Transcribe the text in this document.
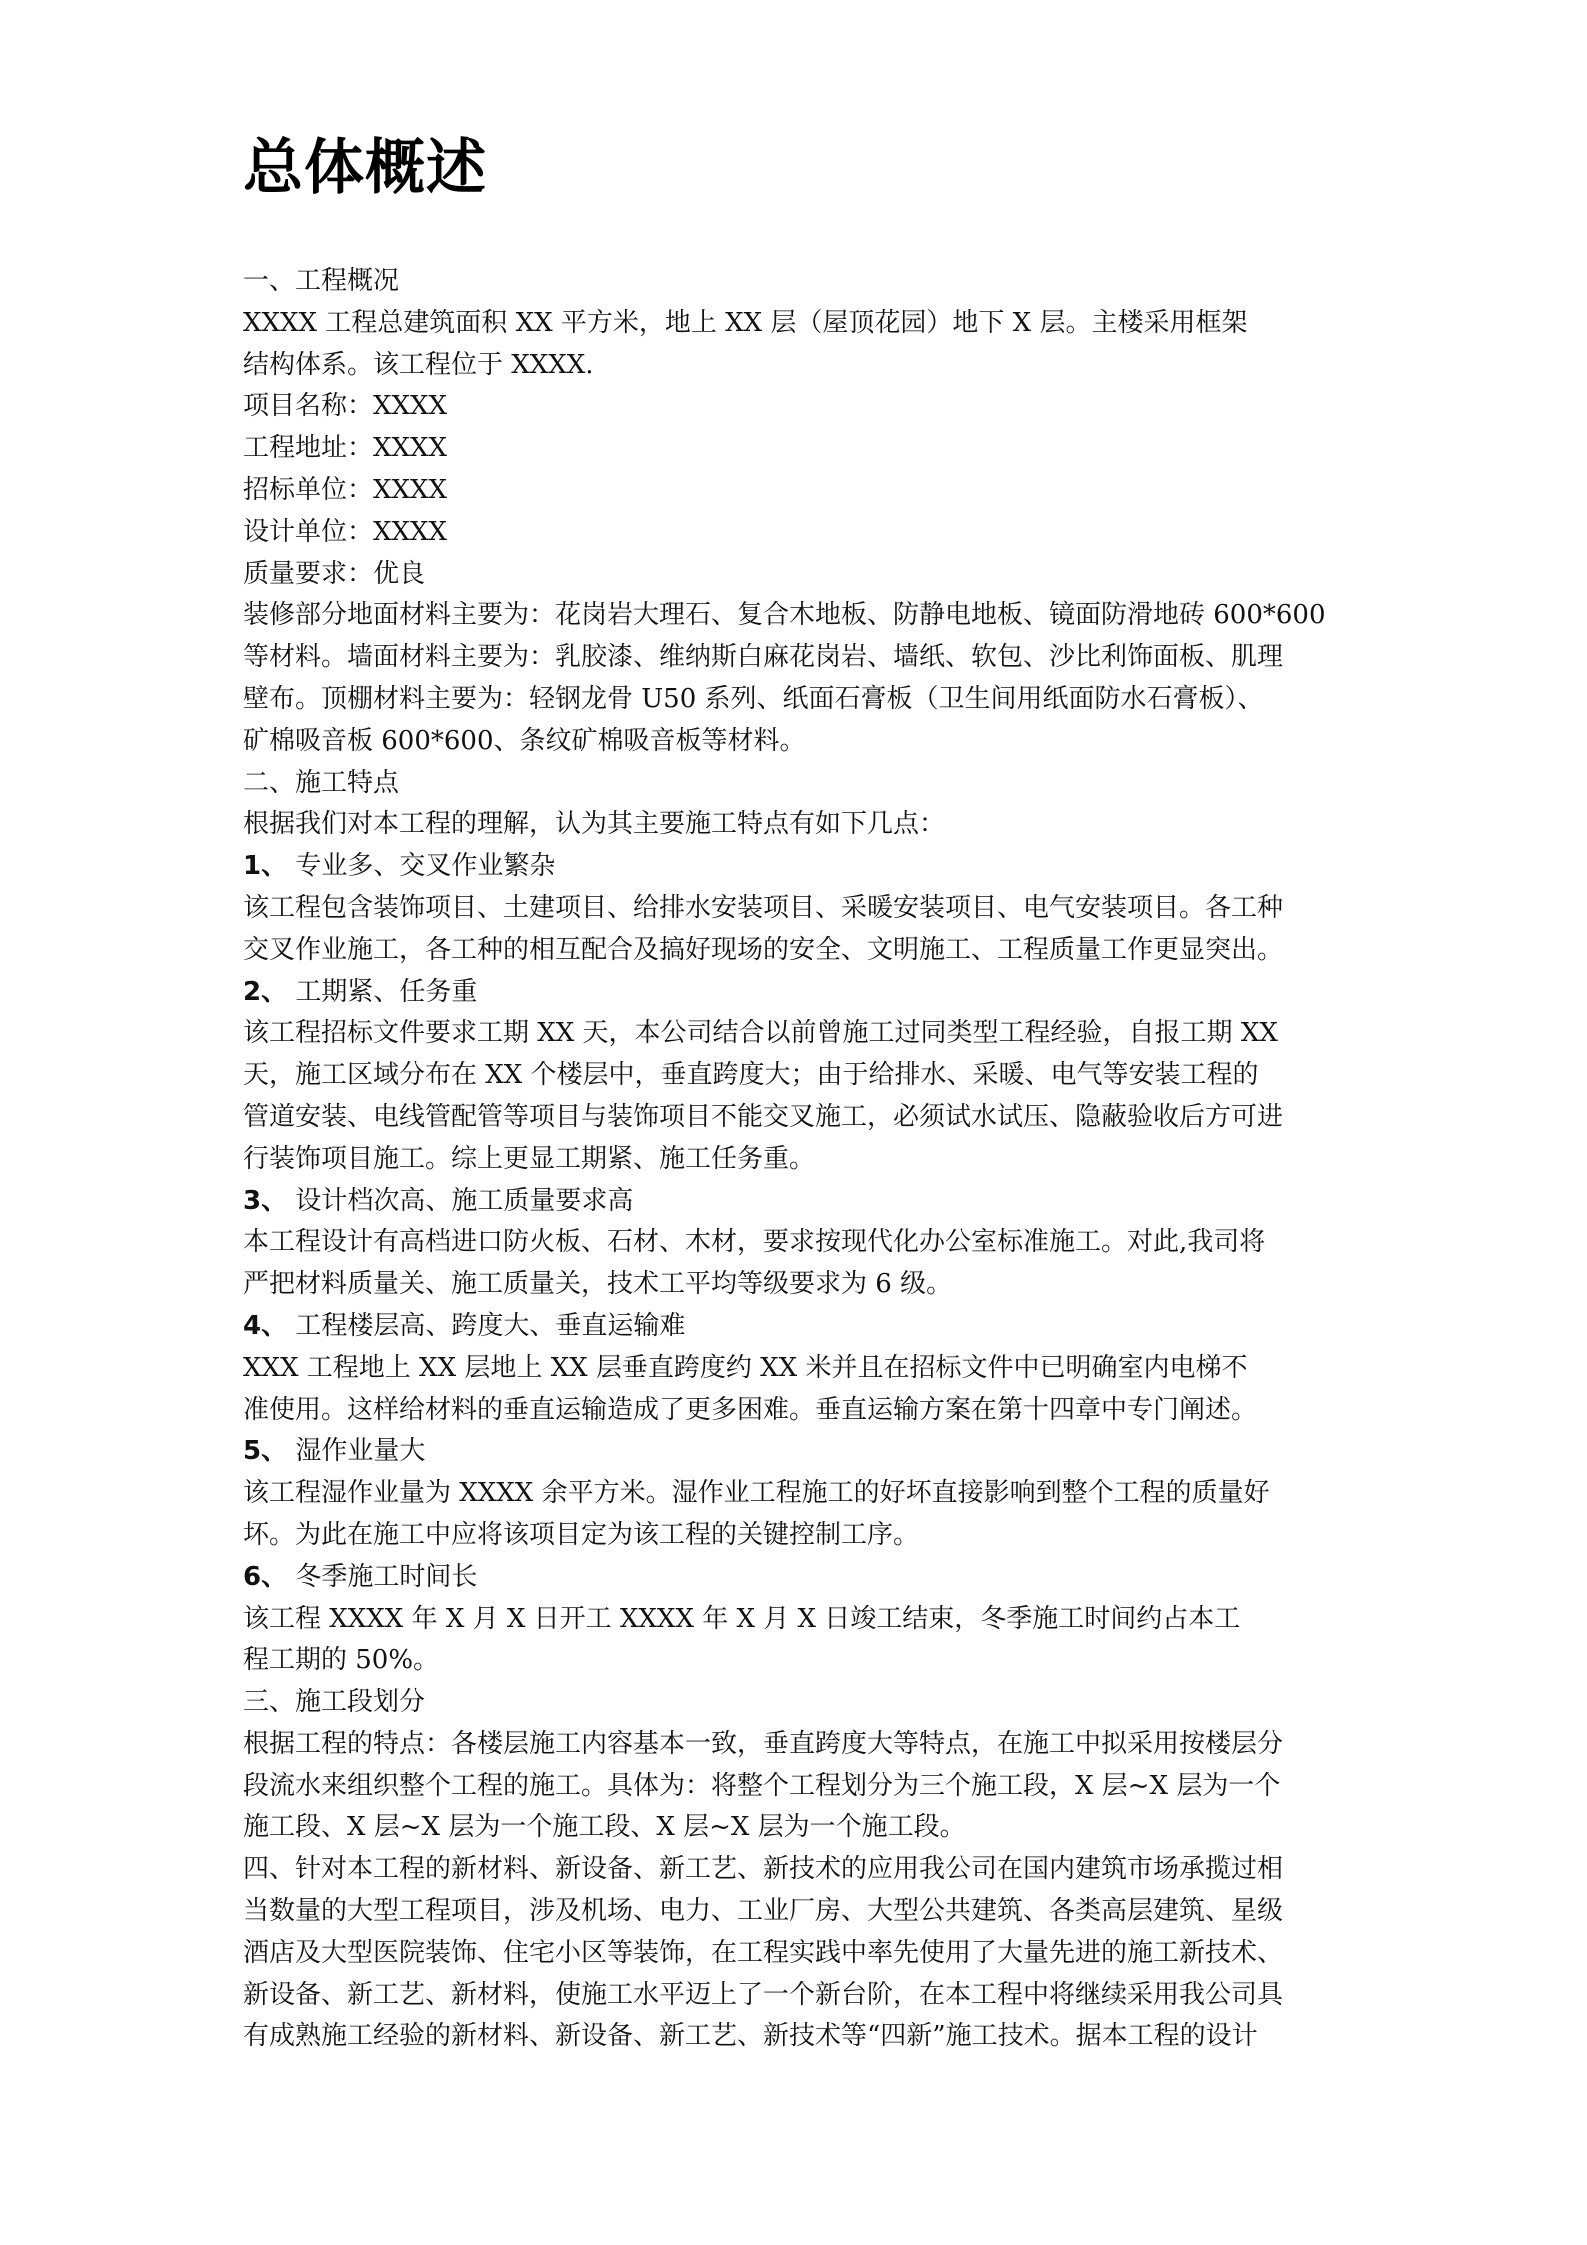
总体概述
一、工程概况
XXXX 工程总建筑面积 XX 平方米，地上 XX 层（屋顶花园）地下 X 层。主楼采用框架
结构体系。该工程位于 XXXX.
项目名称：XXXX
工程地址：XXXX
招标单位：XXXX
设计单位：XXXX
质量要求：优良
装修部分地面材料主要为：花岗岩大理石、复合木地板、防静电地板、镜面防滑地砖 600*600
等材料。墙面材料主要为：乳胶漆、维纳斯白麻花岗岩、墙纸、软包、沙比利饰面板、肌理
壁布。顶棚材料主要为：轻钢龙骨 U50 系列、纸面石膏板（卫生间用纸面防水石膏板）、
矿棉吸音板 600*600、条纹矿棉吸音板等材料。
二、施工特点
根据我们对本工程的理解，认为其主要施工特点有如下几点：
1、 专业多、交叉作业繁杂
该工程包含装饰项目、土建项目、给排水安装项目、采暖安装项目、电气安装项目。各工种
交叉作业施工，各工种的相互配合及搞好现场的安全、文明施工、工程质量工作更显突出。
2、 工期紧、任务重
该工程招标文件要求工期 XX 天，本公司结合以前曾施工过同类型工程经验，自报工期 XX
天，施工区域分布在 XX 个楼层中，垂直跨度大；由于给排水、采暖、电气等安装工程的
管道安装、电线管配管等项目与装饰项目不能交叉施工，必须试水试压、隐蔽验收后方可进
行装饰项目施工。综上更显工期紧、施工任务重。
3、 设计档次高、施工质量要求高
本工程设计有高档进口防火板、石材、木材，要求按现代化办公室标准施工。对此,我司将
严把材料质量关、施工质量关，技术工平均等级要求为 6 级。
4、 工程楼层高、跨度大、垂直运输难
XXX 工程地上 XX 层地上 XX 层垂直跨度约 XX 米并且在招标文件中已明确室内电梯不
准使用。这样给材料的垂直运输造成了更多困难。垂直运输方案在第十四章中专门阐述。
5、 湿作业量大
该工程湿作业量为 XXXX 余平方米。湿作业工程施工的好坏直接影响到整个工程的质量好
坏。为此在施工中应将该项目定为该工程的关键控制工序。
6、 冬季施工时间长
该工程 XXXX 年 X 月 X 日开工 XXXX 年 X 月 X 日竣工结束，冬季施工时间约占本工
程工期的 50%。
三、施工段划分
根据工程的特点：各楼层施工内容基本一致，垂直跨度大等特点，在施工中拟采用按楼层分
段流水来组织整个工程的施工。具体为：将整个工程划分为三个施工段，X 层~X 层为一个
施工段、X 层~X 层为一个施工段、X 层~X 层为一个施工段。
四、针对本工程的新材料、新设备、新工艺、新技术的应用我公司在国内建筑市场承揽过相
当数量的大型工程项目，涉及机场、电力、工业厂房、大型公共建筑、各类高层建筑、星级
酒店及大型医院装饰、住宅小区等装饰，在工程实践中率先使用了大量先进的施工新技术、
新设备、新工艺、新材料，使施工水平迈上了一个新台阶，在本工程中将继续采用我公司具
有成熟施工经验的新材料、新设备、新工艺、新技术等“四新”施工技术。据本工程的设计
